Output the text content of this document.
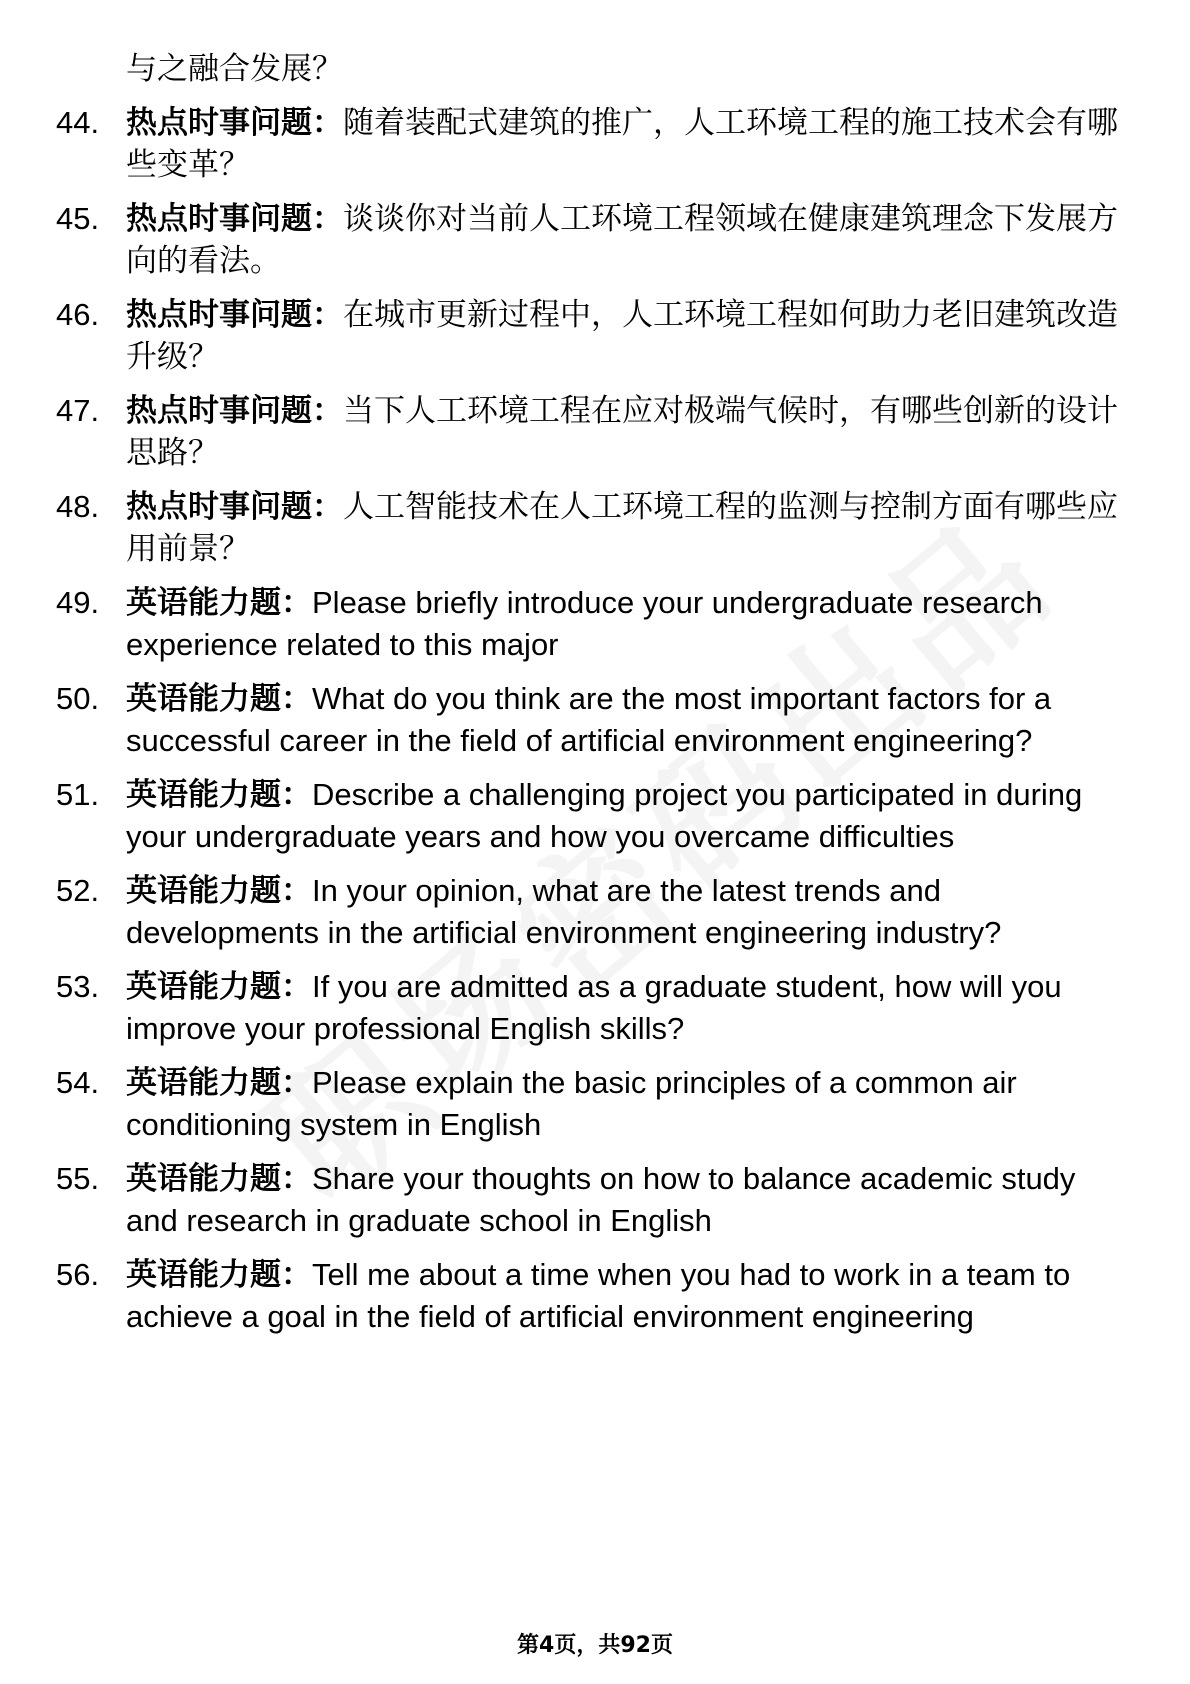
与之融合发展？
44. 热点时事问题：随着装配式建筑的推广，人工环境工程的施工技术会有哪些变革？
45. 热点时事问题：谈谈你对当前人工环境工程领域在健康建筑理念下发展方向的看法。
46. 热点时事问题：在城市更新过程中，人工环境工程如何助力老旧建筑改造升级？
47. 热点时事问题：当下人工环境工程在应对极端气候时，有哪些创新的设计思路？
48. 热点时事问题：人工智能技术在人工环境工程的监测与控制方面有哪些应用前景？
49. 英语能力题：Please briefly introduce your undergraduate research experience related to this major
50. 英语能力题：What do you think are the most important factors for a successful career in the field of artificial environment engineering?
51. 英语能力题：Describe a challenging project you participated in during your undergraduate years and how you overcame difficulties
52. 英语能力题：In your opinion, what are the latest trends and developments in the artificial environment engineering industry?
53. 英语能力题：If you are admitted as a graduate student, how will you improve your professional English skills?
54. 英语能力题：Please explain the basic principles of a common air conditioning system in English
55. 英语能力题：Share your thoughts on how to balance academic study and research in graduate school in English
56. 英语能力题：Tell me about a time when you had to work in a team to achieve a goal in the field of artificial environment engineering
第4页，共92页
